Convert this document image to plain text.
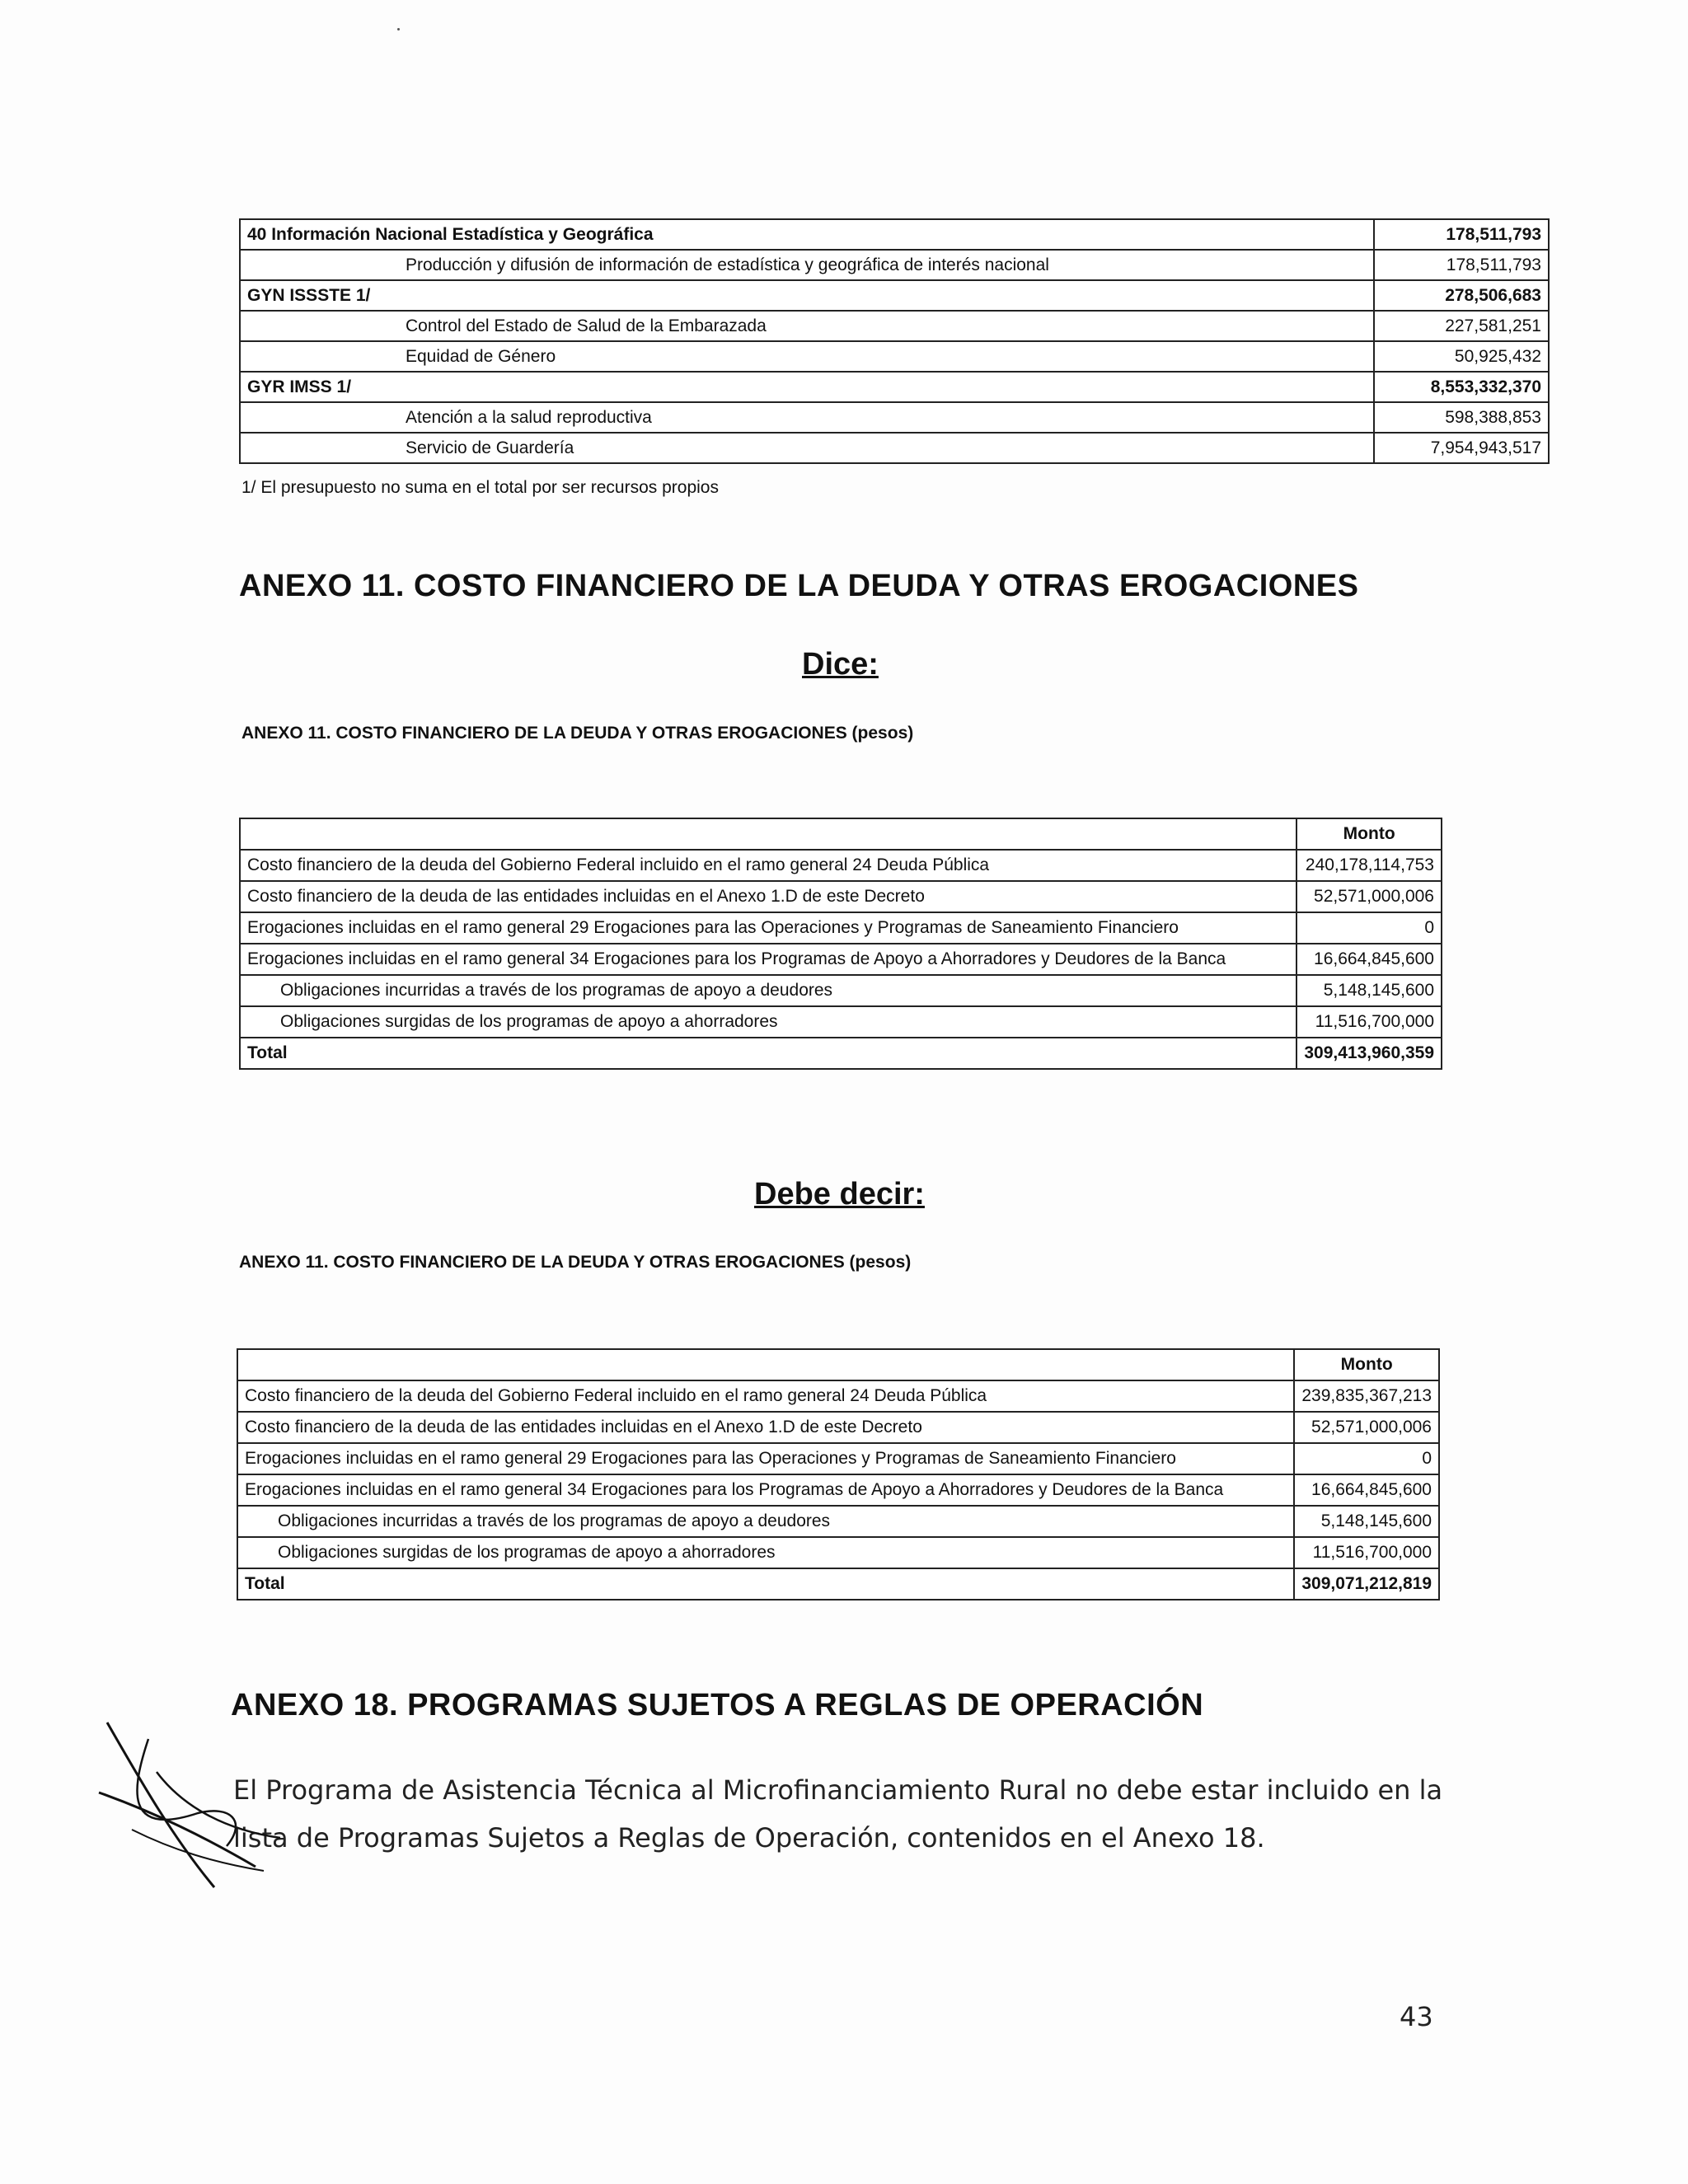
40 Información Nacional Estadística y Geográfica	178,511,793
Producción y difusión de información de estadística y geográfica de interés nacional	178,511,793
GYN ISSSTE 1/	278,506,683
Control del Estado de Salud de la Embarazada	227,581,251
Equidad de Género	50,925,432
GYR IMSS 1/	8,553,332,370
Atención a la salud reproductiva	598,388,853
Servicio de Guardería	7,954,943,517
1/ El presupuesto no suma en el total por ser recursos propios
ANEXO 11. COSTO FINANCIERO DE LA DEUDA Y OTRAS EROGACIONES
Dice:
ANEXO 11. COSTO FINANCIERO DE LA DEUDA Y OTRAS EROGACIONES (pesos)
	Monto
Costo financiero de la deuda del Gobierno Federal incluido en el ramo general 24 Deuda Pública	240,178,114,753
Costo financiero de la deuda de las entidades incluidas en el Anexo 1.D de este Decreto	52,571,000,006
Erogaciones incluidas en el ramo general 29 Erogaciones para las Operaciones y Programas de Saneamiento Financiero	0
Erogaciones incluidas en el ramo general 34 Erogaciones para los Programas de Apoyo a Ahorradores y Deudores de la Banca	16,664,845,600
Obligaciones incurridas a través de los programas de apoyo a deudores	5,148,145,600
Obligaciones surgidas de los programas de apoyo a ahorradores	11,516,700,000
Total	309,413,960,359
Debe decir:
ANEXO 11. COSTO FINANCIERO DE LA DEUDA Y OTRAS EROGACIONES (pesos)
	Monto
Costo financiero de la deuda del Gobierno Federal incluido en el ramo general 24 Deuda Pública	239,835,367,213
Costo financiero de la deuda de las entidades incluidas en el Anexo 1.D de este Decreto	52,571,000,006
Erogaciones incluidas en el ramo general 29 Erogaciones para las Operaciones y Programas de Saneamiento Financiero	0
Erogaciones incluidas en el ramo general 34 Erogaciones para los Programas de Apoyo a Ahorradores y Deudores de la Banca	16,664,845,600
Obligaciones incurridas a través de los programas de apoyo a deudores	5,148,145,600
Obligaciones surgidas de los programas de apoyo a ahorradores	11,516,700,000
Total	309,071,212,819
ANEXO 18. PROGRAMAS SUJETOS A REGLAS DE OPERACIÓN
El Programa de Asistencia Técnica al Microfinanciamiento Rural no debe estar incluido en la lista de Programas Sujetos a Reglas de Operación, contenidos en el Anexo 18.
43
